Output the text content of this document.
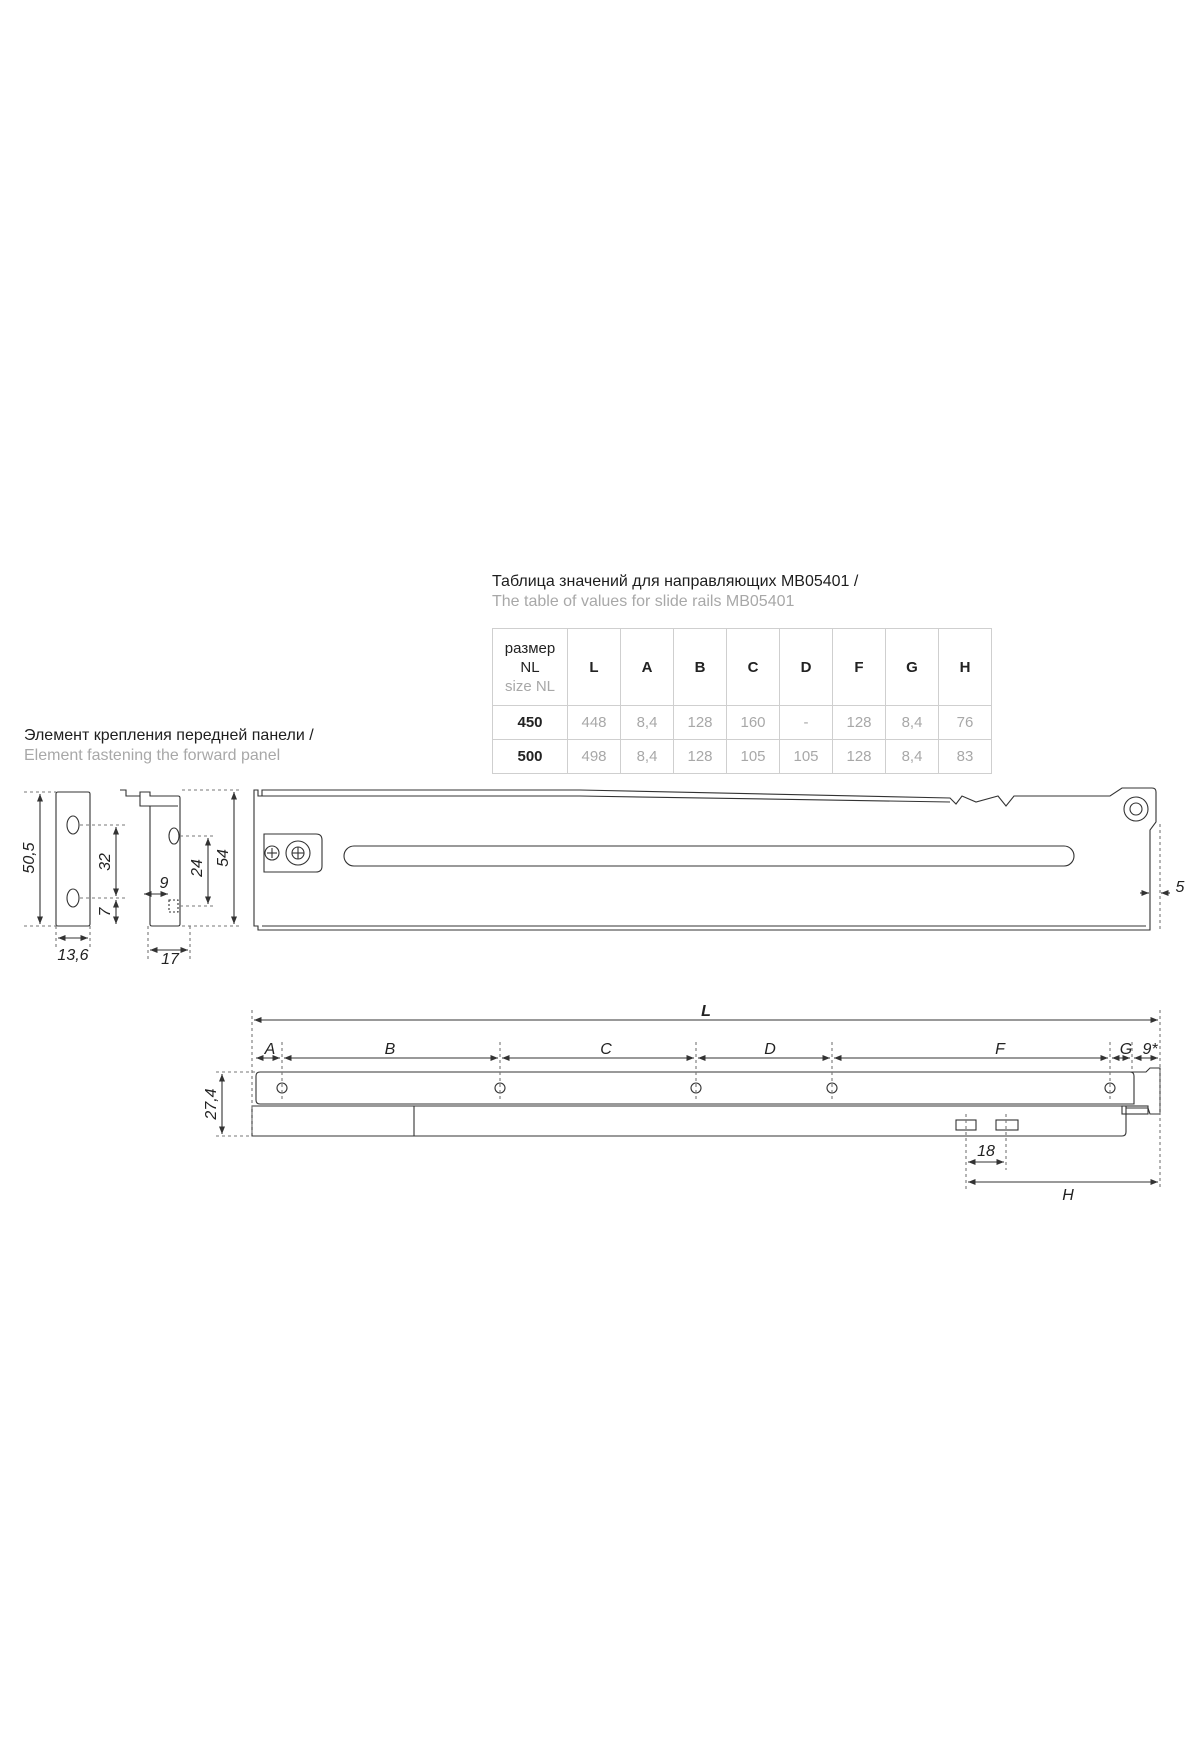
Таблица значений для направляющих MB05401 /
The table of values for slide rails MB05401
размер
NL
size NL	L	A	B	C	D	F	G	H
450	448	8,4	128	160	-	128	8,4	76
500	498	8,4	128	105	105	128	8,4	83
Элемент крепления передней панели /
Element fastening the forward panel
50,5	32
7
13,6
9
24
54
17
5
L
A	B	C	D	F	G 9*
27,4
18
H
